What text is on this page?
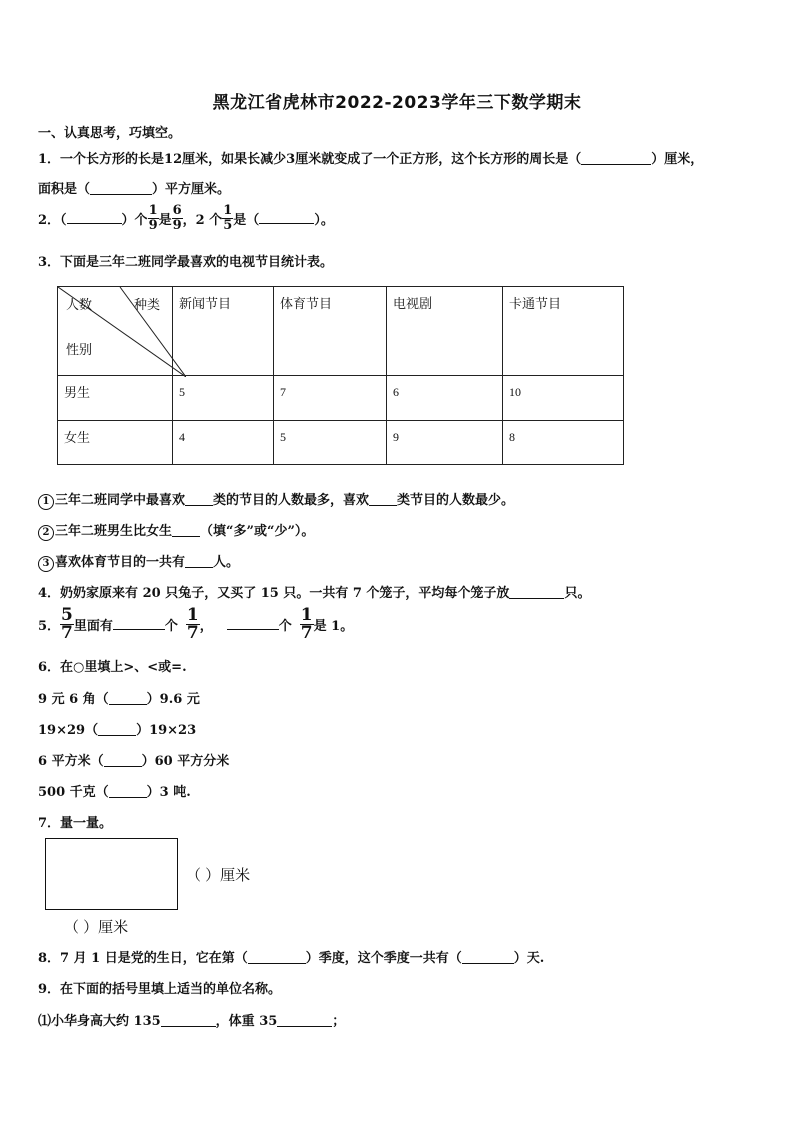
黑龙江省虎林市2022-2023学年三下数学期末
一、认真思考，巧填空。
1．一个长方形的长是12厘米，如果长减少3厘米就变成了一个正方形，这个长方形的周长是（	）厘米，
面积是（	）平方厘米。
2．（	）个 $\frac{1}{9}$ 是 $\frac{6}{9}$ ，2 个 $\frac{1}{5}$ 是（	）。
3．下面是三年二班同学最喜欢的电视节目统计表。
人数 种类
性别	新闻节目	体育节目	电视剧	卡通节目
男生	5	7	6	10
女生	4	5	9	8
1 三年二班同学中最喜欢 类的节目的人数最多，喜欢 类节目的人数最少。
2 三年二班男生比女生 （填“多”或“少”）。
3 喜欢体育节目的一共有 人。
4．奶奶家原来有 20 只兔子，又买了 15 只。一共有 7 个笼子，平均每个笼子放	只。
5． $\frac{5}{7}$ 里面有	个 $\frac{1}{7}$ ，	个 $\frac{1}{7}$ 是 1。
6．在○里填上>、<或=.
9 元 6 角（	）9.6 元
19×29（	）19×23
6 平方米（	）60 平方分米
500 千克（	）3 吨.
7．量一量。
（ ）厘米
（ ）厘米
8．7 月 1 日是党的生日，它在第（	）季度，这个季度一共有（	）天.
9．在下面的括号里填上适当的单位名称。
⑴小华身高大约 135	，体重 35	；
